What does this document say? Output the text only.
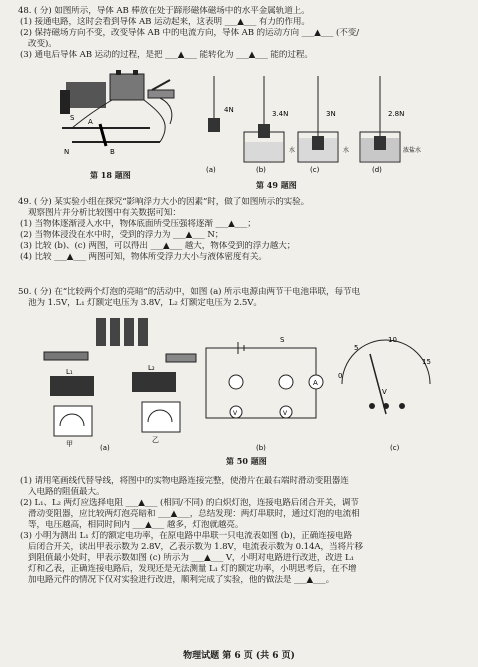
48. ( 分) 如图所示，导体 AB 棒放在处于蹄形磁体磁场中的水平金属轨道上。
(1) 接通电路，这时会看到导体 AB 运动起来，这表明 ___▲___ 有力的作用。
(2) 保持磁场方向不变，改变导体 AB 中的电流方向，导体 AB 的运动方向 ___▲___ (不变/
改变)。
(3) 通电后导体 AB 运动的过程，是把 ___▲___ 能转化为 ___▲___ 能的过程。
49. ( 分) 某实验小组在探究“影响浮力大小的因素”时，做了如图所示的实验。
观察图片并分析比较图中有关数据可知：
(1) 当物体逐渐浸入水中，物体底面所受压强将逐渐 ___▲___；
(2) 当物体浸没在水中时，受到的浮力为 ___▲___ N；
(3) 比较 (b)、(c) 两图，可以得出 ___▲___ 越大，物体受到的浮力越大；
(4) 比较 ___▲___ 两图可知，物体所受浮力大小与液体密度有关。
50. ( 分) 在“比较两个灯泡的亮暗”的活动中，如图 (a) 所示电源由两节干电池串联，每节电
池为 1.5V，L₁ 灯额定电压为 3.8V，L₂ 灯额定电压为 2.5V。
(1) 请用笔画线代替导线，将图中的实物电路连接完整，使滑片在最右端时滑动变阻器连
入电路的阻值最大。
(2) L₁、L₂ 两灯应选择电阻 ___▲___ (相同/不同) 的白炽灯泡，连接电路后闭合开关，调节
滑动变阻器，应比较两灯泡亮暗和 ___▲___，总结发现：两灯串联时，通过灯泡的电流相
等，电压越高，相同时间内 ___▲___ 越多，灯泡就越亮。
(3) 小明为测出 L₁ 灯的额定电功率，在原电路中串联一只电流表如图 (b)，正确连接电路
后闭合开关，读出甲表示数为 2.8V，乙表示数为 1.8V，电流表示数为 0.14A，当将片移
到阻值最小处时，甲表示数如图 (c) 所示为 ___▲___ V，小明对电路进行改进，改进 L₁
灯和乙表，正确连接电路后，发现还是无法测量 L₁ 灯的额定功率，小明思考后，在不增
加电路元件的情况下仅对实验进行改进，顺利完成了实验，他的做法是 ___▲___。
S A
N	B
第 18 题图
4N
(a)
3.4N
水
(b)
3N
水
(c)
2.8N
浓盐水
(d)
第 49 题图
L₁	L₂
甲	乙
(a)
S
A
V	V
(b)
0
5
10
15
V
(c)
第 50 题图
物理试题 第 6 页 (共 6 页)
